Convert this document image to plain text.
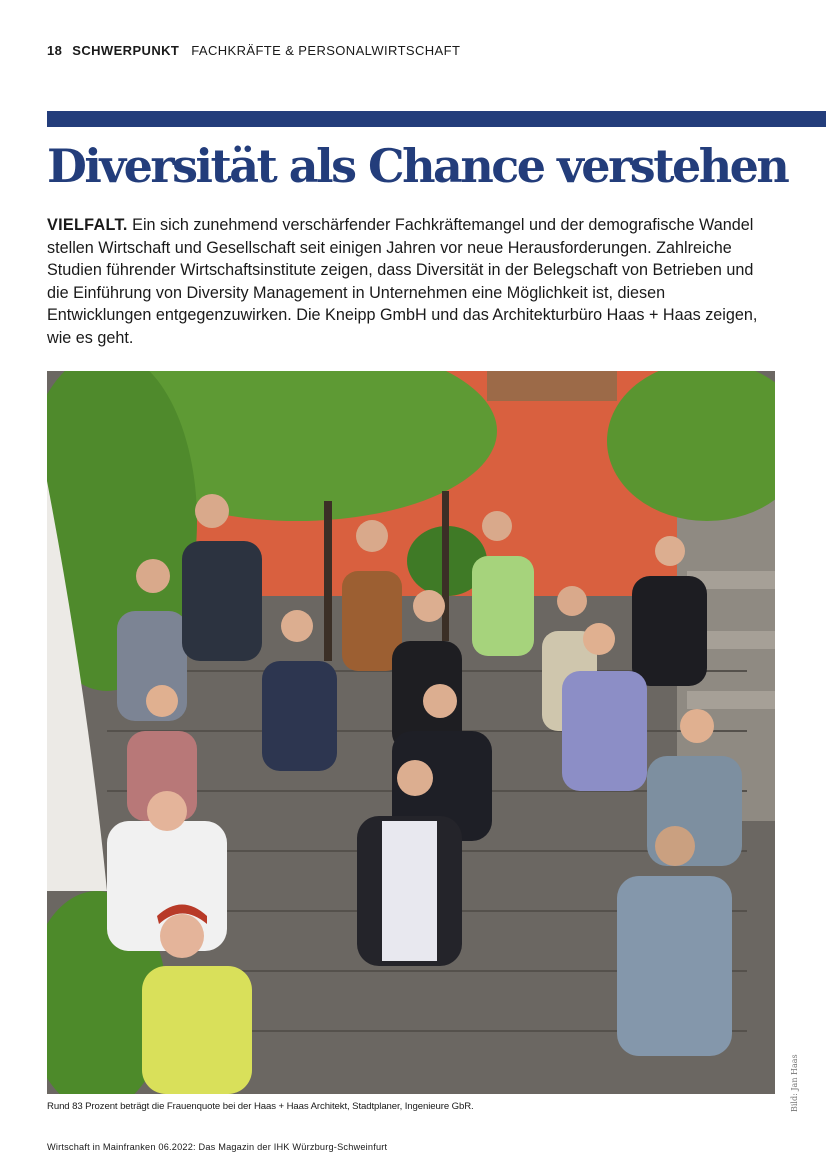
18 SCHWERPUNKT FACHKRÄFTE & PERSONALWIRTSCHAFT
Diversität als Chance verstehen

VIELFALT. Ein sich zunehmend verschärfender Fachkräftemangel und der demografische Wandel stellen Wirtschaft und Gesellschaft seit einigen Jahren vor neue Herausforderungen. Zahlreiche Studien führender Wirtschaftsinstitute zeigen, dass Diversität in der Belegschaft von Betrieben und die Einführung von Diversity Management in Unternehmen eine Möglichkeit ist, diesen Entwicklungen entgegenzuwirken. Die Kneipp GmbH und das Architekturbüro Haas + Haas zeigen, wie es geht.

Bild: Jan Haas
Rund 83 Prozent beträgt die Frauenquote bei der Haas + Haas Architekt, Stadtplaner, Ingenieure GbR.
Wirtschaft in Mainfranken 06.2022: Das Magazin der IHK Würzburg-Schweinfurt
